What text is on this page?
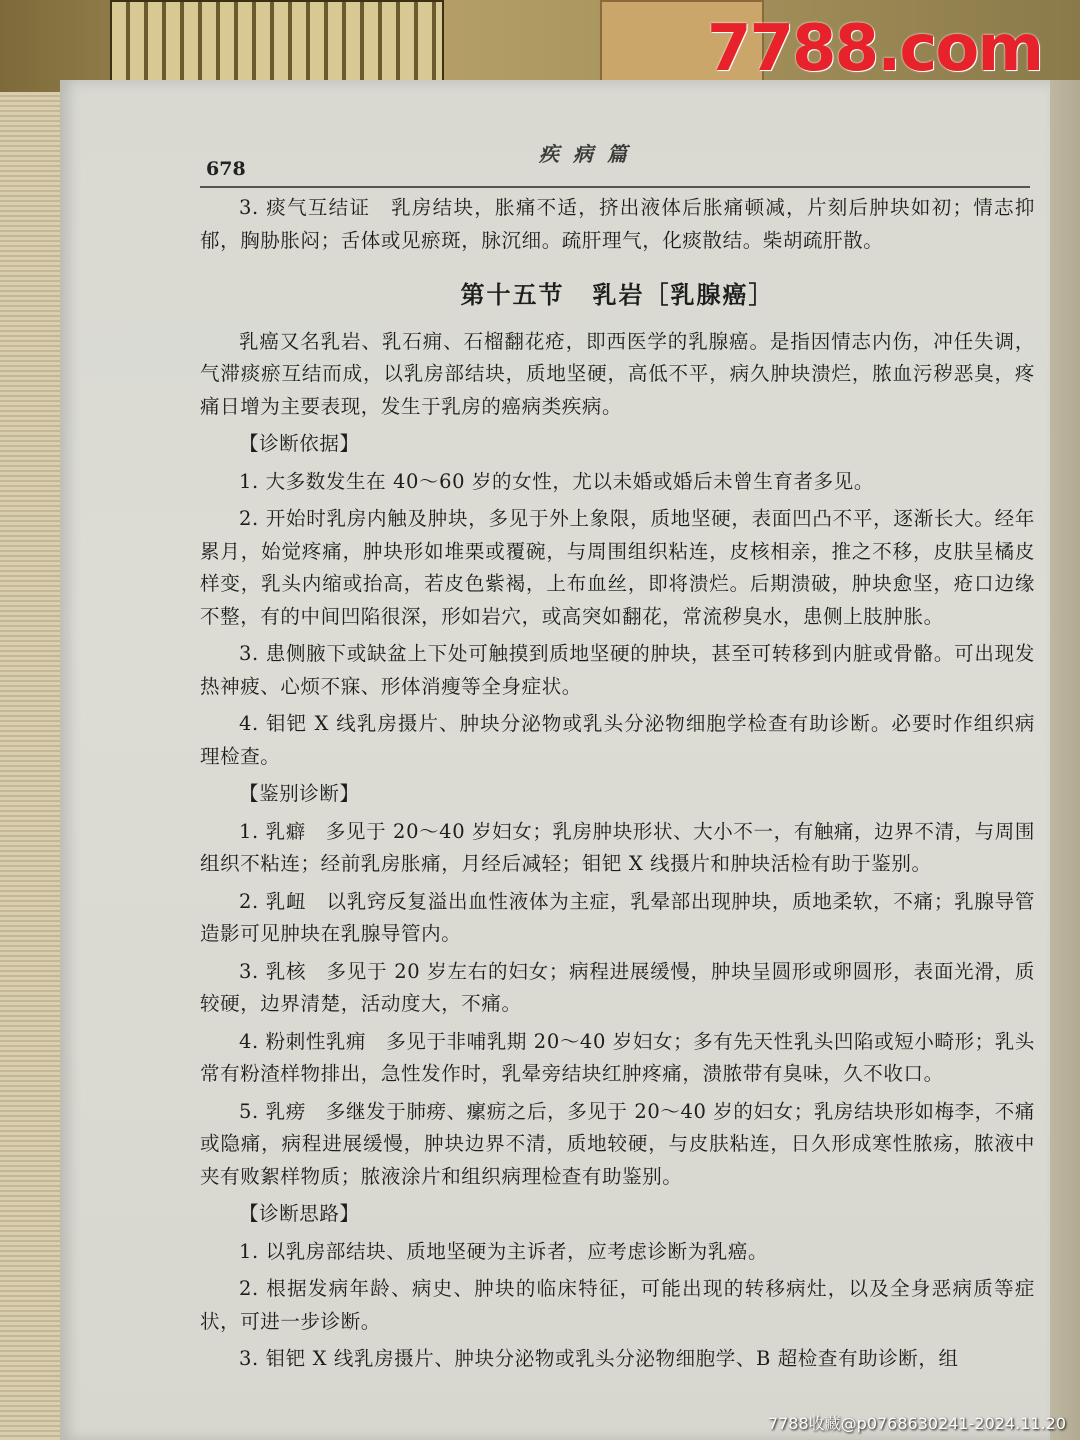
678
疾病篇

3. 痰气互结证　乳房结块，胀痛不适，挤出液体后胀痛顿减，片刻后肿块如初；情志抑郁，胸胁胀闷；舌体或见瘀斑，脉沉细。疏肝理气，化痰散结。柴胡疏肝散。

第十五节 乳岩［乳腺癌］

乳癌又名乳岩、乳石痈、石榴翻花疮，即西医学的乳腺癌。是指因情志内伤，冲任失调，气滞痰瘀互结而成，以乳房部结块，质地坚硬，高低不平，病久肿块溃烂，脓血污秽恶臭，疼痛日增为主要表现，发生于乳房的癌病类疾病。

【诊断依据】

1. 大多数发生在 40～60 岁的女性，尤以未婚或婚后未曾生育者多见。

2. 开始时乳房内触及肿块，多见于外上象限，质地坚硬，表面凹凸不平，逐渐长大。经年累月，始觉疼痛，肿块形如堆栗或覆碗，与周围组织粘连，皮核相亲，推之不移，皮肤呈橘皮样变，乳头内缩或抬高，若皮色紫褐，上布血丝，即将溃烂。后期溃破，肿块愈坚，疮口边缘不整，有的中间凹陷很深，形如岩穴，或高突如翻花，常流秽臭水，患侧上肢肿胀。

3. 患侧腋下或缺盆上下处可触摸到质地坚硬的肿块，甚至可转移到内脏或骨骼。可出现发热神疲、心烦不寐、形体消瘦等全身症状。

4. 钼钯 X 线乳房摄片、肿块分泌物或乳头分泌物细胞学检查有助诊断。必要时作组织病理检查。

【鉴别诊断】

1. 乳癖　多见于 20～40 岁妇女；乳房肿块形状、大小不一，有触痛，边界不清，与周围组织不粘连；经前乳房胀痛，月经后减轻；钼钯 X 线摄片和肿块活检有助于鉴别。

2. 乳衄　以乳窍反复溢出血性液体为主症，乳晕部出现肿块，质地柔软，不痛；乳腺导管造影可见肿块在乳腺导管内。

3. 乳核　多见于 20 岁左右的妇女；病程进展缓慢，肿块呈圆形或卵圆形，表面光滑，质较硬，边界清楚，活动度大，不痛。

4. 粉刺性乳痈　多见于非哺乳期 20～40 岁妇女；多有先天性乳头凹陷或短小畸形；乳头常有粉渣样物排出，急性发作时，乳晕旁结块红肿疼痛，溃脓带有臭味，久不收口。

5. 乳痨　多继发于肺痨、瘰疬之后，多见于 20～40 岁的妇女；乳房结块形如梅李，不痛或隐痛，病程进展缓慢，肿块边界不清，质地较硬，与皮肤粘连，日久形成寒性脓疡，脓液中夹有败絮样物质；脓液涂片和组织病理检查有助鉴别。

【诊断思路】

1. 以乳房部结块、质地坚硬为主诉者，应考虑诊断为乳癌。

2. 根据发病年龄、病史、肿块的临床特征，可能出现的转移病灶，以及全身恶病质等症状，可进一步诊断。

3. 钼钯 X 线乳房摄片、肿块分泌物或乳头分泌物细胞学、B 超检查有助诊断，组

7788.com
7788收藏@p0768630241-2024.11.20
